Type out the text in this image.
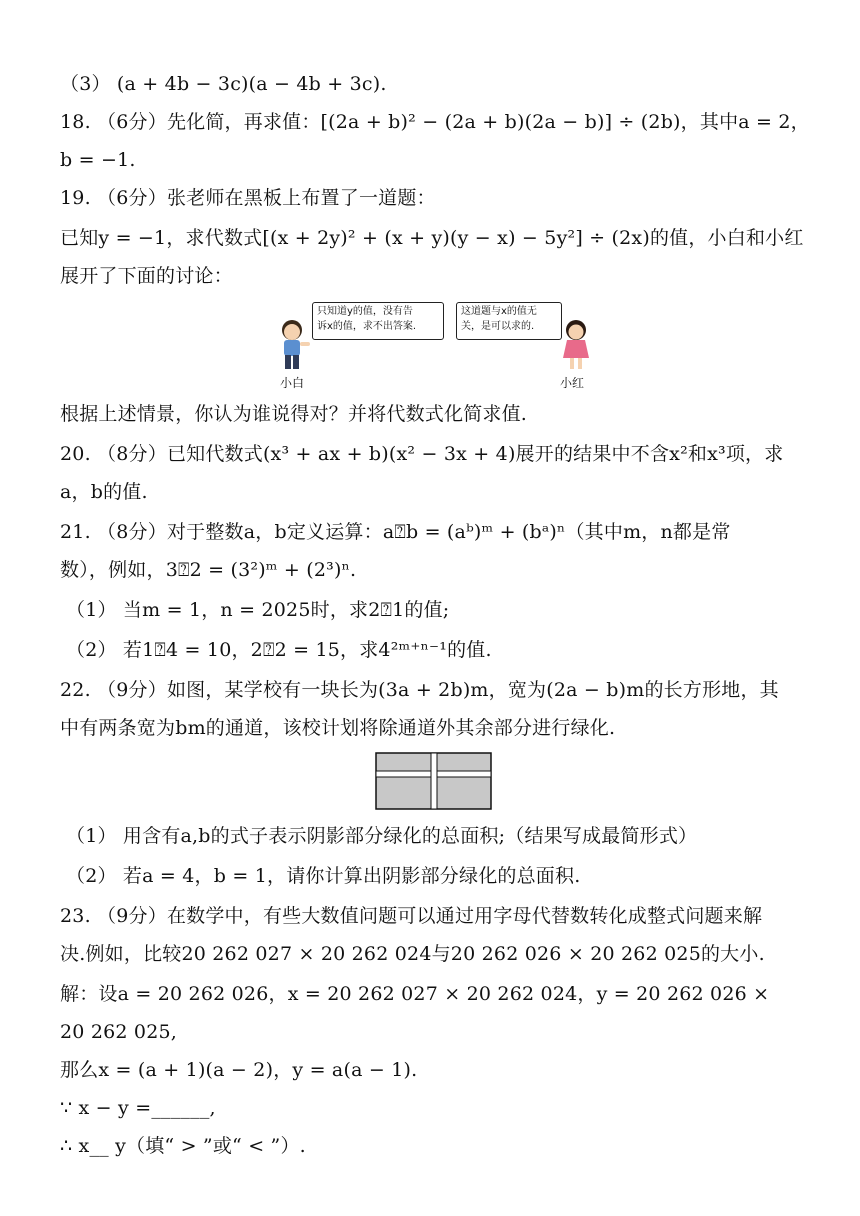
（3） (a + 4b − 3c)(a − 4b + 3c).
18. （6分）先化简，再求值：[(2a + b)² − (2a + b)(2a − b)] ÷ (2b)，其中a = 2，
b = −1.
19. （6分）张老师在黑板上布置了一道题：
已知y = −1，求代数式[(x + 2y)² + (x + y)(y − x) − 5y²] ÷ (2x)的值，小白和小红
展开了下面的讨论：
小白
只知道y的值，没有告
诉x的值，求不出答案.
这道题与x的值无
关，是可以求的.
小红
根据上述情景，你认为谁说得对？并将代数式化简求值.
20. （8分）已知代数式(x³ + ax + b)(x² − 3x + 4)展开的结果中不含x²和x³项，求
a，b的值.
21. （8分）对于整数a，b定义运算：a⍰b = (aᵇ)ᵐ + (bᵃ)ⁿ（其中m，n都是常
数），例如，3⍰2 = (3²)ᵐ + (2³)ⁿ.
（1） 当m = 1，n = 2025时，求2⍰1的值;
（2） 若1⍰4 = 10，2⍰2 = 15，求4²ᵐ⁺ⁿ⁻¹的值.
22. （9分）如图，某学校有一块长为(3a + 2b)m，宽为(2a − b)m的长方形地，其
中有两条宽为bm的通道，该校计划将除通道外其余部分进行绿化.
（1） 用含有a,b的式子表示阴影部分绿化的总面积;（结果写成最简形式）
（2） 若a = 4，b = 1，请你计算出阴影部分绿化的总面积.
23. （9分）在数学中，有些大数值问题可以通过用字母代替数转化成整式问题来解
决.例如，比较20 262 027 × 20 262 024与20 262 026 × 20 262 025的大小.
解：设a = 20 262 026，x = 20 262 027 × 20 262 024，y = 20 262 026 ×
20 262 025,
那么x = (a + 1)(a − 2)，y = a(a − 1).
∵ x − y =______,
∴ x__ y（填“ > ”或“ < ”）.
